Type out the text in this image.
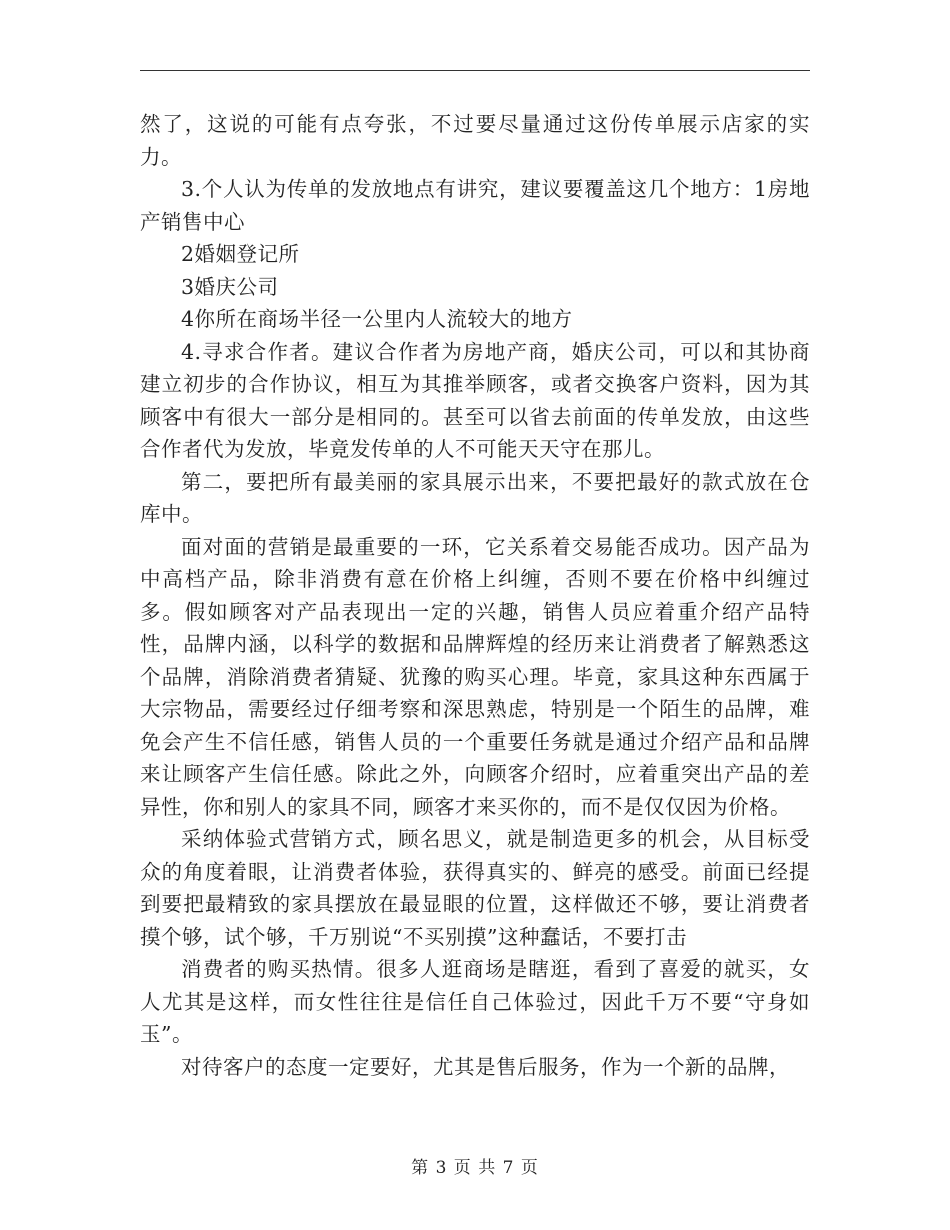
然了，这说的可能有点夸张，不过要尽量通过这份传单展示店家的实力。

3.个人认为传单的发放地点有讲究，建议要覆盖这几个地方：1房地产销售中心

2婚姻登记所

3婚庆公司

4你所在商场半径一公里内人流较大的地方

4.寻求合作者。建议合作者为房地产商，婚庆公司，可以和其协商建立初步的合作协议，相互为其推举顾客，或者交换客户资料，因为其顾客中有很大一部分是相同的。甚至可以省去前面的传单发放，由这些合作者代为发放，毕竟发传单的人不可能天天守在那儿。

第二，要把所有最美丽的家具展示出来，不要把最好的款式放在仓库中。

面对面的营销是最重要的一环，它关系着交易能否成功。因产品为中高档产品，除非消费有意在价格上纠缠，否则不要在价格中纠缠过多。假如顾客对产品表现出一定的兴趣，销售人员应着重介绍产品特性，品牌内涵，以科学的数据和品牌辉煌的经历来让消费者了解熟悉这个品牌，消除消费者猜疑、犹豫的购买心理。毕竟，家具这种东西属于大宗物品，需要经过仔细考察和深思熟虑，特别是一个陌生的品牌，难免会产生不信任感，销售人员的一个重要任务就是通过介绍产品和品牌来让顾客产生信任感。除此之外，向顾客介绍时，应着重突出产品的差异性，你和别人的家具不同，顾客才来买你的，而不是仅仅因为价格。

采纳体验式营销方式，顾名思义，就是制造更多的机会，从目标受众的角度着眼，让消费者体验，获得真实的、鲜亮的感受。前面已经提到要把最精致的家具摆放在最显眼的位置，这样做还不够，要让消费者摸个够，试个够，千万别说“不买别摸”这种蠢话，不要打击

消费者的购买热情。很多人逛商场是瞎逛，看到了喜爱的就买，女人尤其是这样，而女性往往是信任自己体验过，因此千万不要“守身如玉”。

对待客户的态度一定要好，尤其是售后服务，作为一个新的品牌，

第 3 页 共 7 页
